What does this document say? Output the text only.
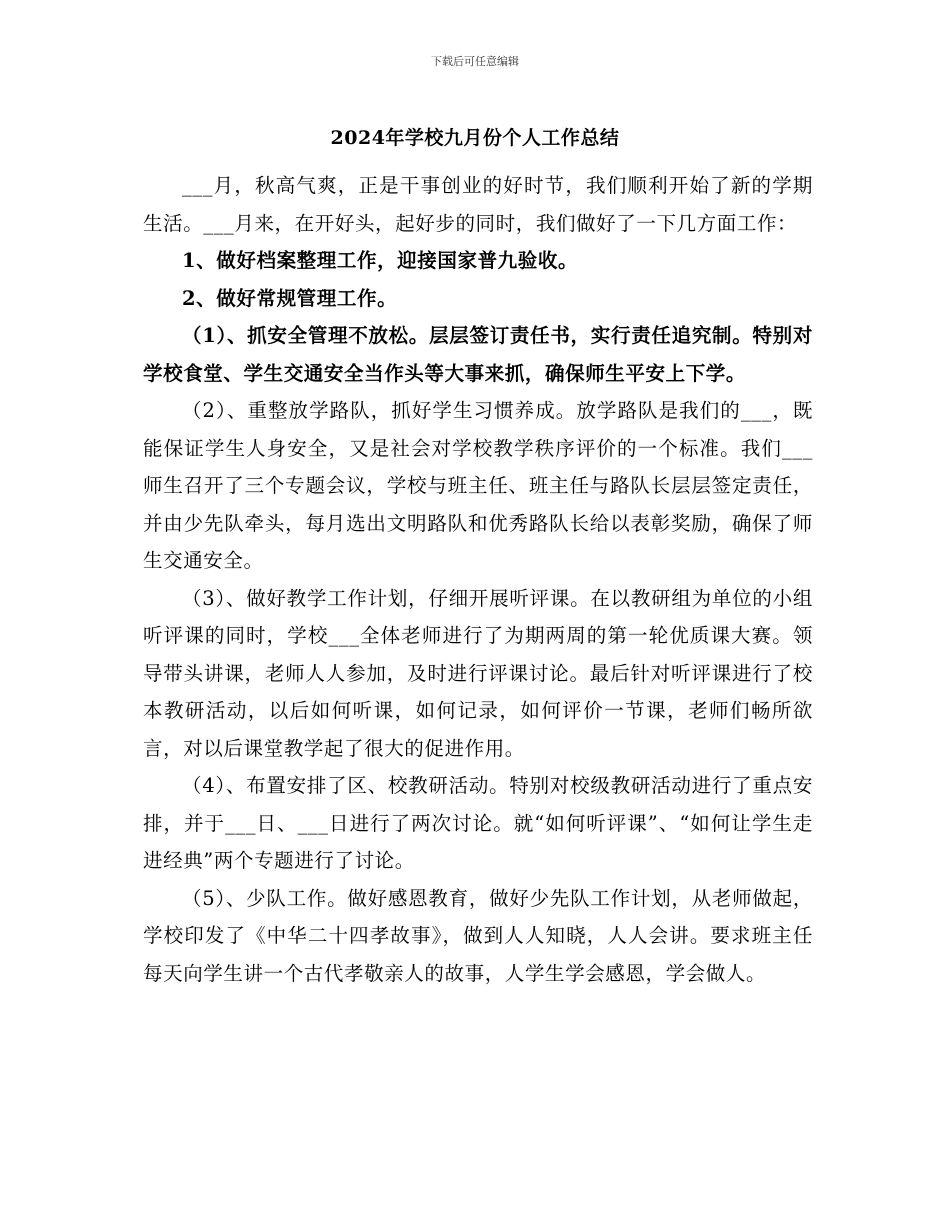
下载后可任意编辑
2024年学校九月份个人工作总结

___月，秋高气爽，正是干事创业的好时节，我们顺利开始了新的学期生活。___月来，在开好头，起好步的同时，我们做好了一下几方面工作：

1、做好档案整理工作，迎接国家普九验收。

2、做好常规管理工作。

（1）、抓安全管理不放松。层层签订责任书，实行责任追究制。特别对学校食堂、学生交通安全当作头等大事来抓，确保师生平安上下学。

（2）、重整放学路队，抓好学生习惯养成。放学路队是我们的___，既能保证学生人身安全，又是社会对学校教学秩序评价的一个标准。我们___师生召开了三个专题会议，学校与班主任、班主任与路队长层层签定责任，并由少先队牵头，每月选出文明路队和优秀路队长给以表彰奖励，确保了师生交通安全。

（3）、做好教学工作计划，仔细开展听评课。在以教研组为单位的小组听评课的同时，学校___全体老师进行了为期两周的第一轮优质课大赛。领导带头讲课，老师人人参加，及时进行评课讨论。最后针对听评课进行了校本教研活动，以后如何听课，如何记录，如何评价一节课，老师们畅所欲言，对以后课堂教学起了很大的促进作用。

（4）、布置安排了区、校教研活动。特别对校级教研活动进行了重点安排，并于___日、___日进行了两次讨论。就“如何听评课”、“如何让学生走进经典”两个专题进行了讨论。

（5）、少队工作。做好感恩教育，做好少先队工作计划，从老师做起，学校印发了《中华二十四孝故事》，做到人人知晓，人人会讲。要求班主任每天向学生讲一个古代孝敬亲人的故事，人学生学会感恩，学会做人。
